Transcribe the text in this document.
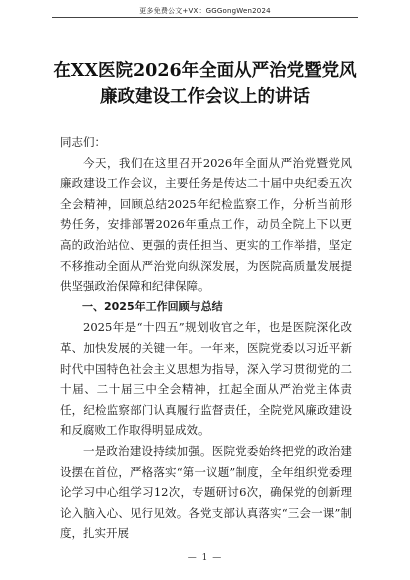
更多免费公文+VX：GGGongWen2024
在XX医院2026年全面从严治党暨党风
廉政建设工作会议上的讲话

同志们：

今天，我们在这里召开2026年全面从严治党暨党风廉政建设工作会议，主要任务是传达二十届中央纪委五次全会精神，回顾总结2025年纪检监察工作，分析当前形势任务，安排部署2026年重点工作，动员全院上下以更高的政治站位、更强的责任担当、更实的工作举措，坚定不移推动全面从严治党向纵深发展，为医院高质量发展提供坚强政治保障和纪律保障。

一、2025年工作回顾与总结

2025年是“十四五”规划收官之年，也是医院深化改革、加快发展的关键一年。一年来，医院党委以习近平新时代中国特色社会主义思想为指导，深入学习贯彻党的二十届、二十届三中全会精神，扛起全面从严治党主体责任，纪检监察部门认真履行监督责任，全院党风廉政建设和反腐败工作取得明显成效。

一是政治建设持续加强。医院党委始终把党的政治建设摆在首位，严格落实“第一议题”制度，全年组织党委理论学习中心组学习12次，专题研讨6次，确保党的创新理论入脑入心、见行见效。各党支部认真落实“三会一课”制度，扎实开展

— 1 —
